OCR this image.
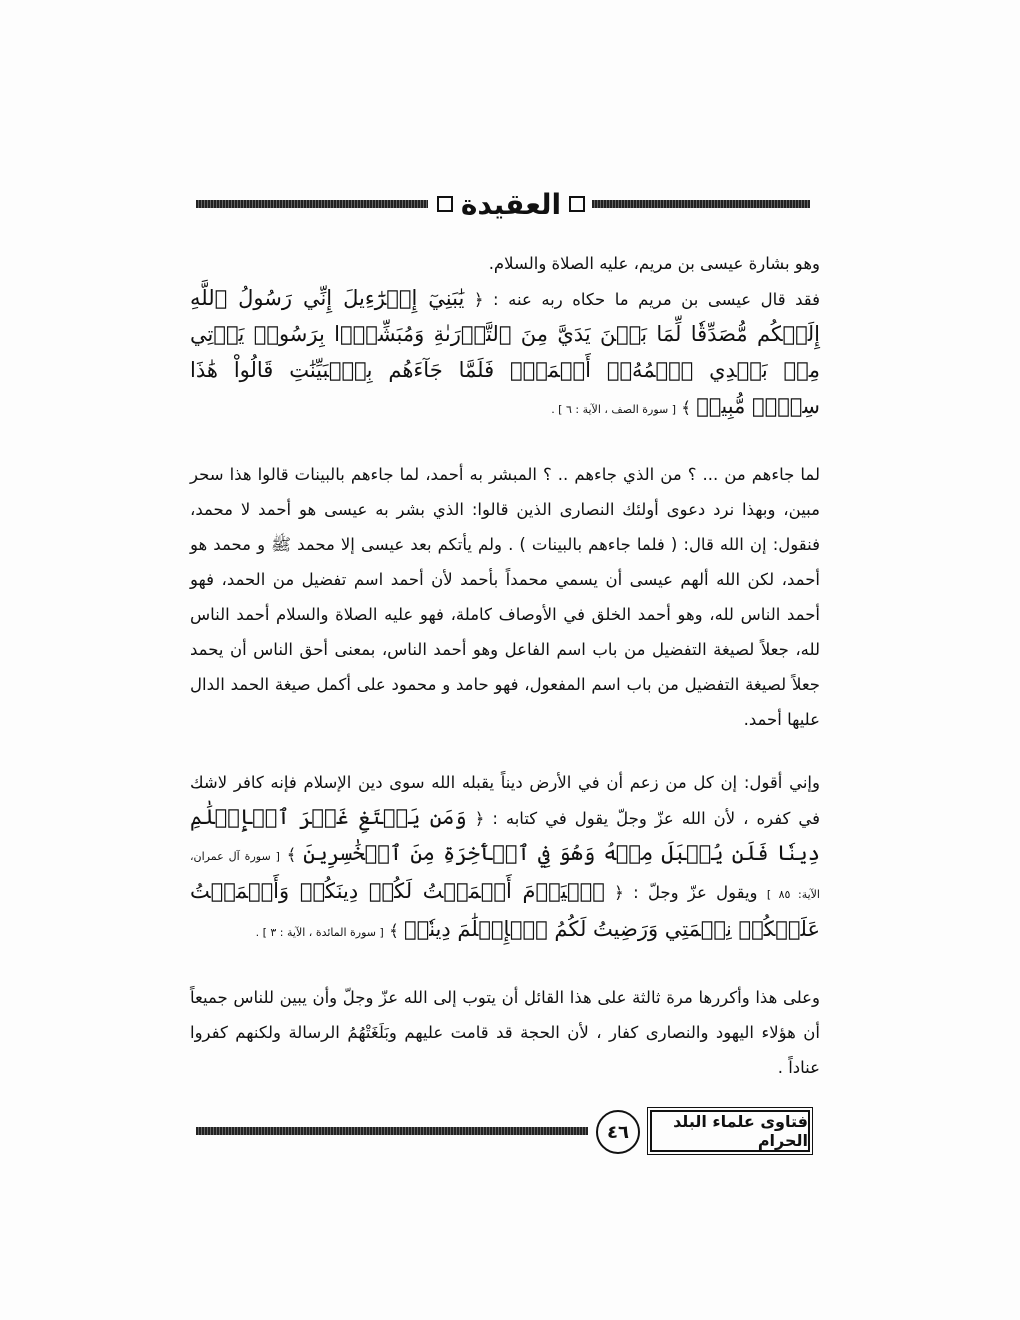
العقيدة

وهو بشارة عيسى بن مريم، عليه الصلاة والسلام.

فقد قال عيسى بن مريم ما حكاه ربه عنه : ﴿ يَٰبَنِيٓ إِسۡرَٰٓءِيلَ إِنِّي رَسُولُ ٱللَّهِ إِلَيۡكُم مُّصَدِّقٗا لِّمَا بَيۡنَ يَدَيَّ مِنَ ٱلتَّوۡرَىٰةِ وَمُبَشِّرَۢا بِرَسُولٖ يَأۡتِي مِنۢ بَعۡدِي ٱسۡمُهُۥٓ أَحۡمَدُۖ فَلَمَّا جَآءَهُم بِٱلۡبَيِّنَٰتِ قَالُواْ هَٰذَا سِحۡرٞ مُّبِينٞ ﴾ [ سورة الصف ، الآية : ٦ ] .

لما جاءهم من ... ؟ من الذي جاءهم .. ؟ المبشر به أحمد، لما جاءهم بالبينات قالوا هذا سحر مبين، وبهذا نرد دعوى أولئك النصارى الذين قالوا: الذي بشر به عيسى هو أحمد لا محمد، فنقول: إن الله قال: ( فلما جاءهم بالبينات ) . ولم يأتكم بعد عيسى إلا محمد ﷺ و محمد هو أحمد، لكن الله ألهم عيسى أن يسمي محمداً بأحمد لأن أحمد اسم تفضيل من الحمد، فهو أحمد الناس لله، وهو أحمد الخلق في الأوصاف كاملة، فهو عليه الصلاة والسلام أحمد الناس لله، جعلاً لصيغة التفضيل من باب اسم الفاعل وهو أحمد الناس، بمعنى أحق الناس أن يحمد جعلاً لصيغة التفضيل من باب اسم المفعول، فهو حامد و محمود على أكمل صيغة الحمد الدال عليها أحمد.

وإني أقول: إن كل من زعم أن في الأرض ديناً يقبله الله سوى دين الإسلام فإنه كافر لاشك في كفره ، لأن الله عزّ وجلّ يقول في كتابه : ﴿ وَمَن يَبۡتَغِ غَيۡرَ ٱلۡإِسۡلَٰمِ دِينٗا فَلَن يُقۡبَلَ مِنۡهُ وَهُوَ فِي ٱلۡأٓخِرَةِ مِنَ ٱلۡخَٰسِرِينَ ﴾ [ سورة آل عمران، الآية: ٨٥ ] ويقول عزّ وجلّ : ﴿ ٱلۡيَوۡمَ أَكۡمَلۡتُ لَكُمۡ دِينَكُمۡ وَأَتۡمَمۡتُ عَلَيۡكُمۡ نِعۡمَتِي وَرَضِيتُ لَكُمُ ٱلۡإِسۡلَٰمَ دِينٗاۚ ﴾ [ سورة المائدة ، الآية : ٣ ] .

وعلى هذا وأكررها مرة ثالثة على هذا القائل أن يتوب إلى الله عزّ وجلّ وأن يبين للناس جميعاً أن هؤلاء اليهود والنصارى كفار ، لأن الحجة قد قامت عليهم وبَلَغَتْهُمُ الرسالة ولكنهم كفروا عناداً .

٤٦	فتاوى علماء البلد الحرام
